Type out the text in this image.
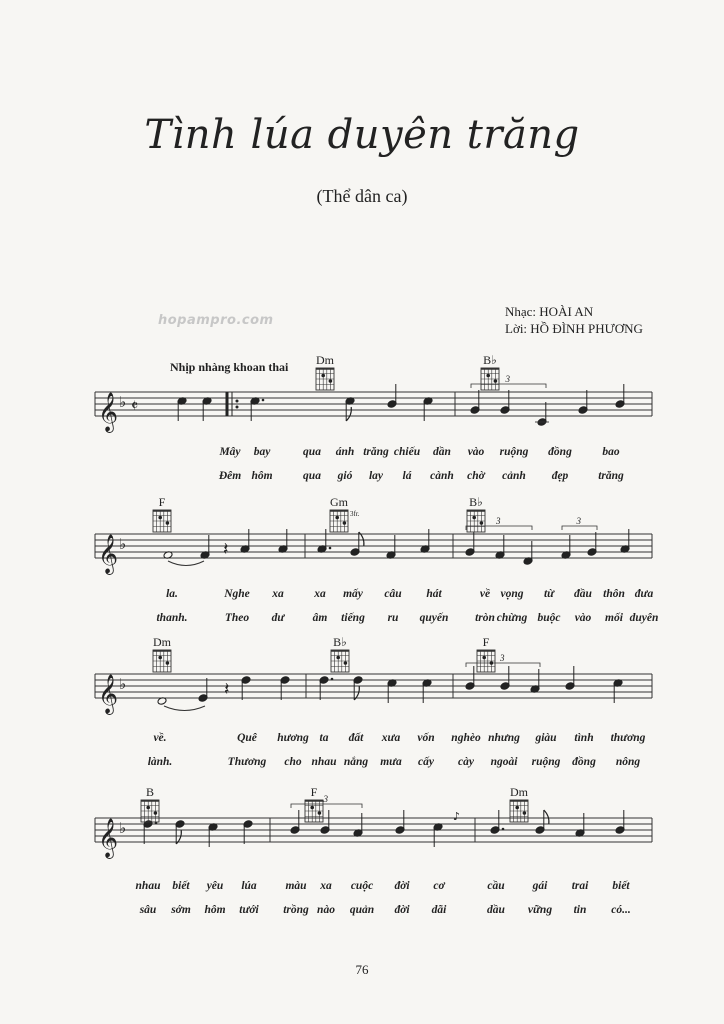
Tình lúa duyên trăng
(Thể dân ca)
hopampro.com
Nhạc: HOÀI AN
Lời: HỒ ĐÌNH PHƯƠNG
Nhịp nhàng khoan thai
𝄞 ♭ 𝄵
3
Dm	B♭
𝄞 ♭	𝄽
3	3
F	Gm
3fr.
B♭
𝄞 ♭	𝄽
3
Dm	B♭	F
𝄞 ♭
♪
3
B	F	Dm
Mây bay	qua ánh trăng chiếu dần vào ruộng đồng	bao
Đêm hôm	qua gió lay lá cành chờ cảnh đẹp	trăng
la.	Nghe xa	xa mấy câu hát	về vọng từ đầu thôn đưa
thanh.	Theo dư âm tiếng ru quyến tròn chừng buộc vào mối duyên
về.	Quê hương ta đất xưa vốn nghèo nhưng giàu tình thương
lành.	Thương cho nhau nắng mưa cấy cày ngoài ruộng đồng nông
nhau biết yêu lúa	màu xa cuộc đời cơ	cầu gái trai biết
sâu sớm hôm tưới trồng nào quản đời dãi	dầu vững tin có...
76
